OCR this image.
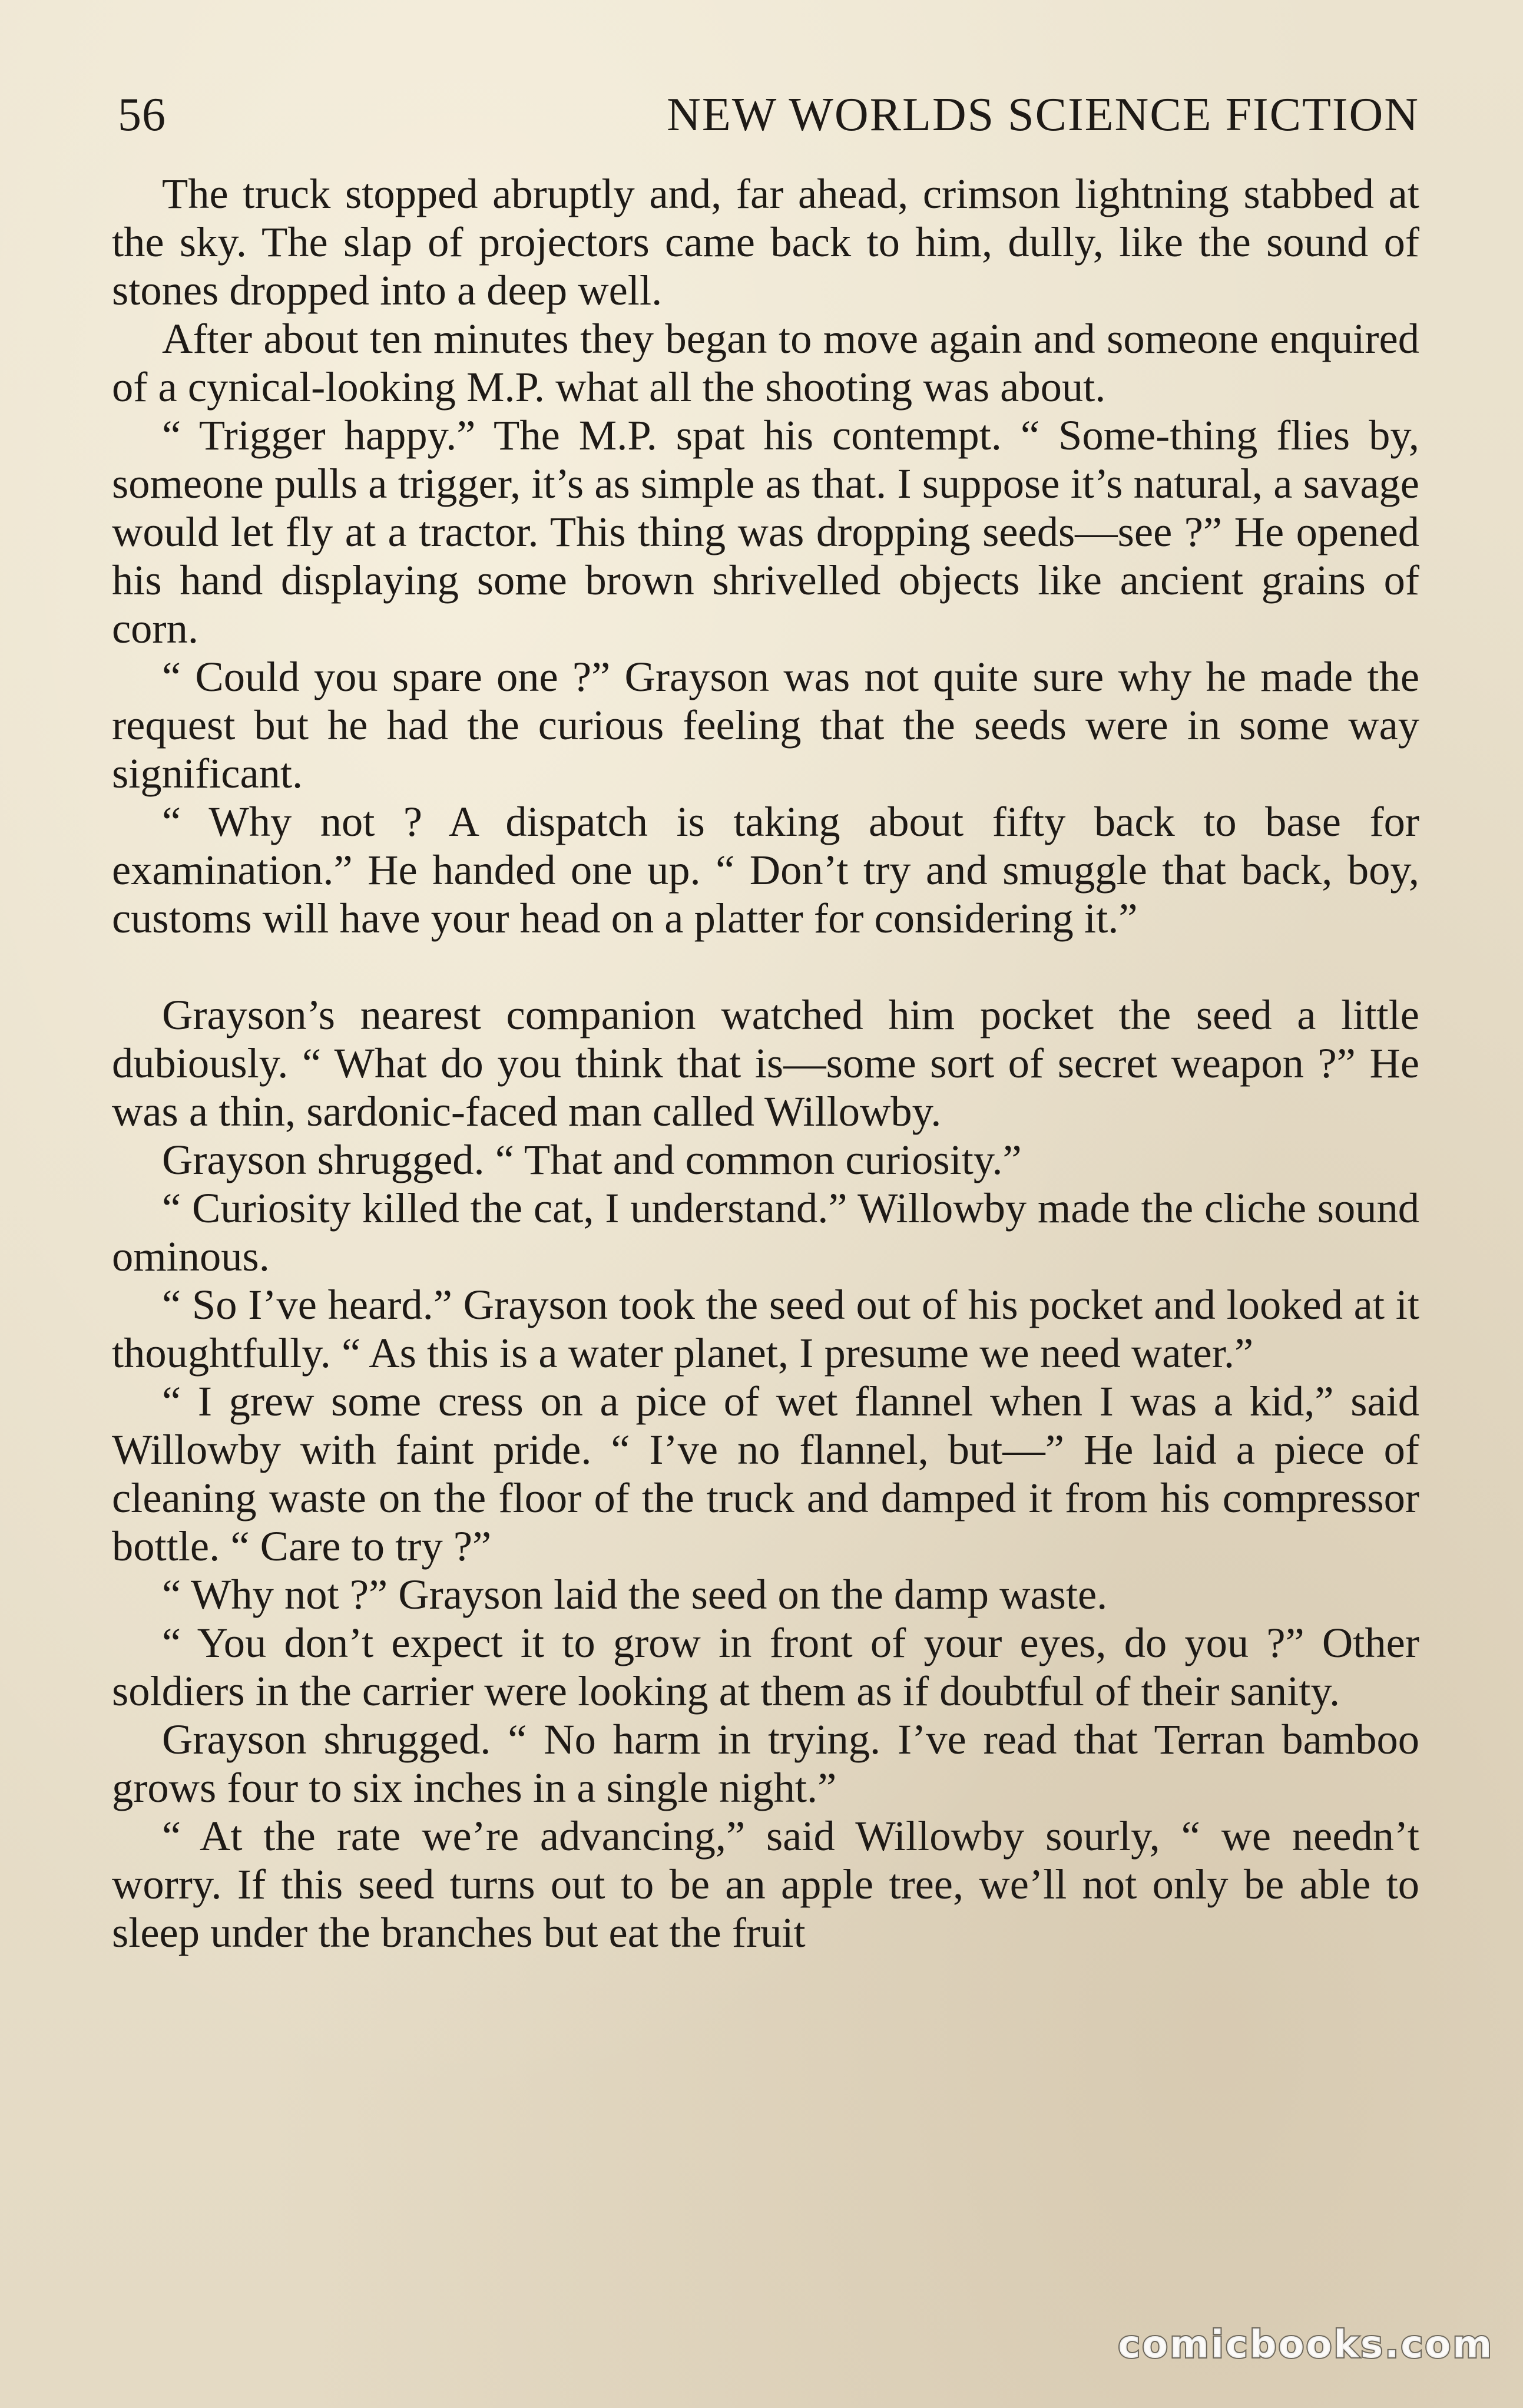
56	NEW WORLDS SCIENCE FICTION

The truck stopped abruptly and, far ahead, crimson lightning stabbed at the sky. The slap of projectors came back to him, dully, like the sound of stones dropped into a deep well.

After about ten minutes they began to move again and someone enquired of a cynical-looking M.P. what all the shooting was about.

“ Trigger happy.” The M.P. spat his contempt. “ Some-thing flies by, someone pulls a trigger, it’s as simple as that. I suppose it’s natural, a savage would let fly at a tractor. This thing was dropping seeds—see ?” He opened his hand displaying some brown shrivelled objects like ancient grains of corn.

“ Could you spare one ?” Grayson was not quite sure why he made the request but he had the curious feeling that the seeds were in some way significant.

“ Why not ? A dispatch is taking about fifty back to base for examination.” He handed one up. “ Don’t try and smuggle that back, boy, customs will have your head on a platter for considering it.”

Grayson’s nearest companion watched him pocket the seed a little dubiously. “ What do you think that is—some sort of secret weapon ?” He was a thin, sardonic-faced man called Willowby.

Grayson shrugged. “ That and common curiosity.”

“ Curiosity killed the cat, I understand.” Willowby made the cliche sound ominous.

“ So I’ve heard.” Grayson took the seed out of his pocket and looked at it thoughtfully. “ As this is a water planet, I presume we need water.”

“ I grew some cress on a pice of wet flannel when I was a kid,” said Willowby with faint pride. “ I’ve no flannel, but—” He laid a piece of cleaning waste on the floor of the truck and damped it from his compressor bottle. “ Care to try ?”

“ Why not ?” Grayson laid the seed on the damp waste.

“ You don’t expect it to grow in front of your eyes, do you ?” Other soldiers in the carrier were looking at them as if doubtful of their sanity.

Grayson shrugged. “ No harm in trying. I’ve read that Terran bamboo grows four to six inches in a single night.”

“ At the rate we’re advancing,” said Willowby sourly, “ we needn’t worry. If this seed turns out to be an apple tree, we’ll not only be able to sleep under the branches but eat the fruit

comicbooks.com
